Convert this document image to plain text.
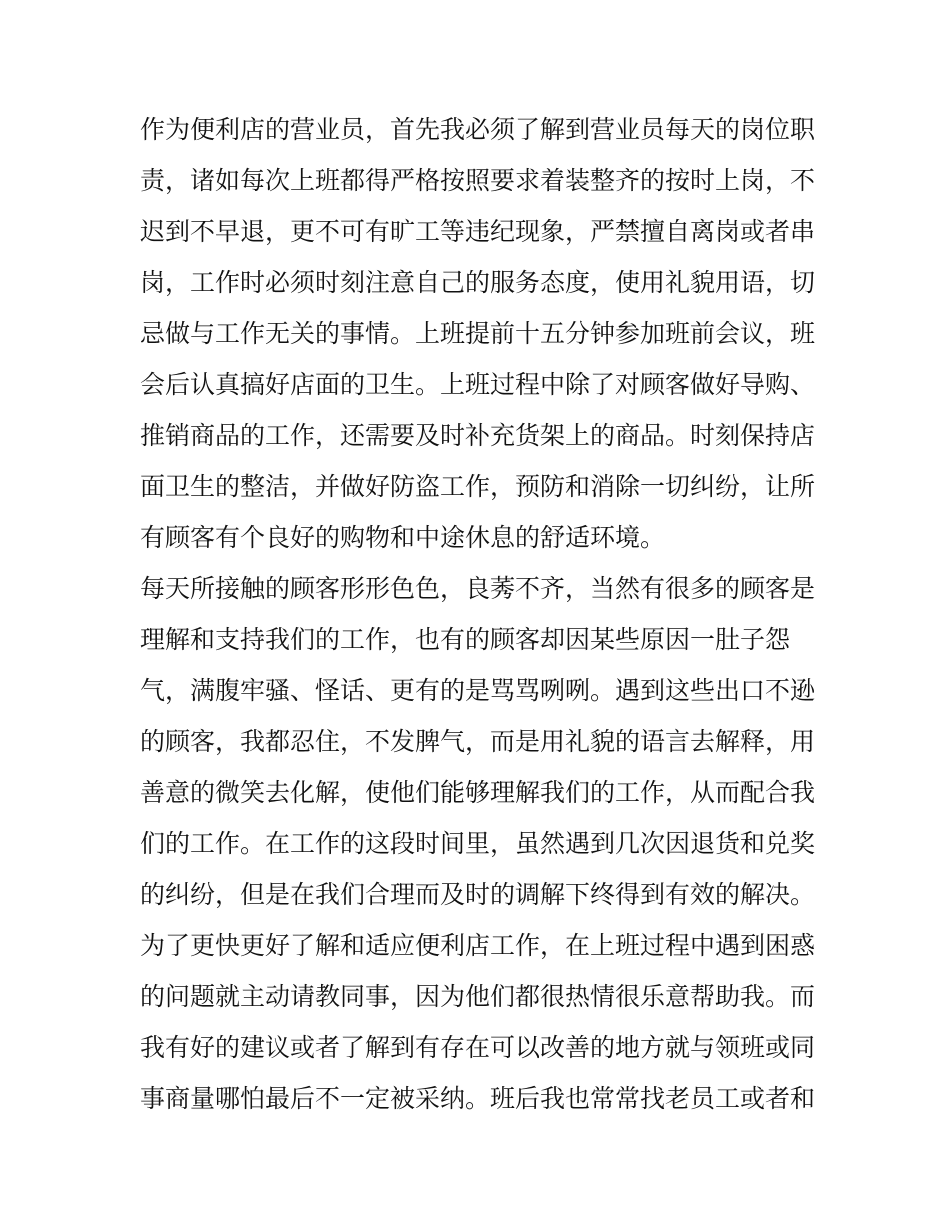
作为便利店的营业员，首先我必须了解到营业员每天的岗位职

责，诸如每次上班都得严格按照要求着装整齐的按时上岗，不

迟到不早退，更不可有旷工等违纪现象，严禁擅自离岗或者串

岗，工作时必须时刻注意自己的服务态度，使用礼貌用语，切

忌做与工作无关的事情。上班提前十五分钟参加班前会议，班

会后认真搞好店面的卫生。上班过程中除了对顾客做好导购、

推销商品的工作，还需要及时补充货架上的商品。时刻保持店

面卫生的整洁，并做好防盗工作，预防和消除一切纠纷，让所

有顾客有个良好的购物和中途休息的舒适环境。

每天所接触的顾客形形色色，良莠不齐，当然有很多的顾客是

理解和支持我们的工作，也有的顾客却因某些原因一肚子怨

气，满腹牢骚、怪话、更有的是骂骂咧咧。遇到这些出口不逊

的顾客，我都忍住，不发脾气，而是用礼貌的语言去解释，用

善意的微笑去化解，使他们能够理解我们的工作，从而配合我

们的工作。在工作的这段时间里，虽然遇到几次因退货和兑奖

的纠纷，但是在我们合理而及时的调解下终得到有效的解决。

为了更快更好了解和适应便利店工作，在上班过程中遇到困惑

的问题就主动请教同事，因为他们都很热情很乐意帮助我。而

我有好的建议或者了解到有存在可以改善的地方就与领班或同

事商量哪怕最后不一定被采纳。班后我也常常找老员工或者和
